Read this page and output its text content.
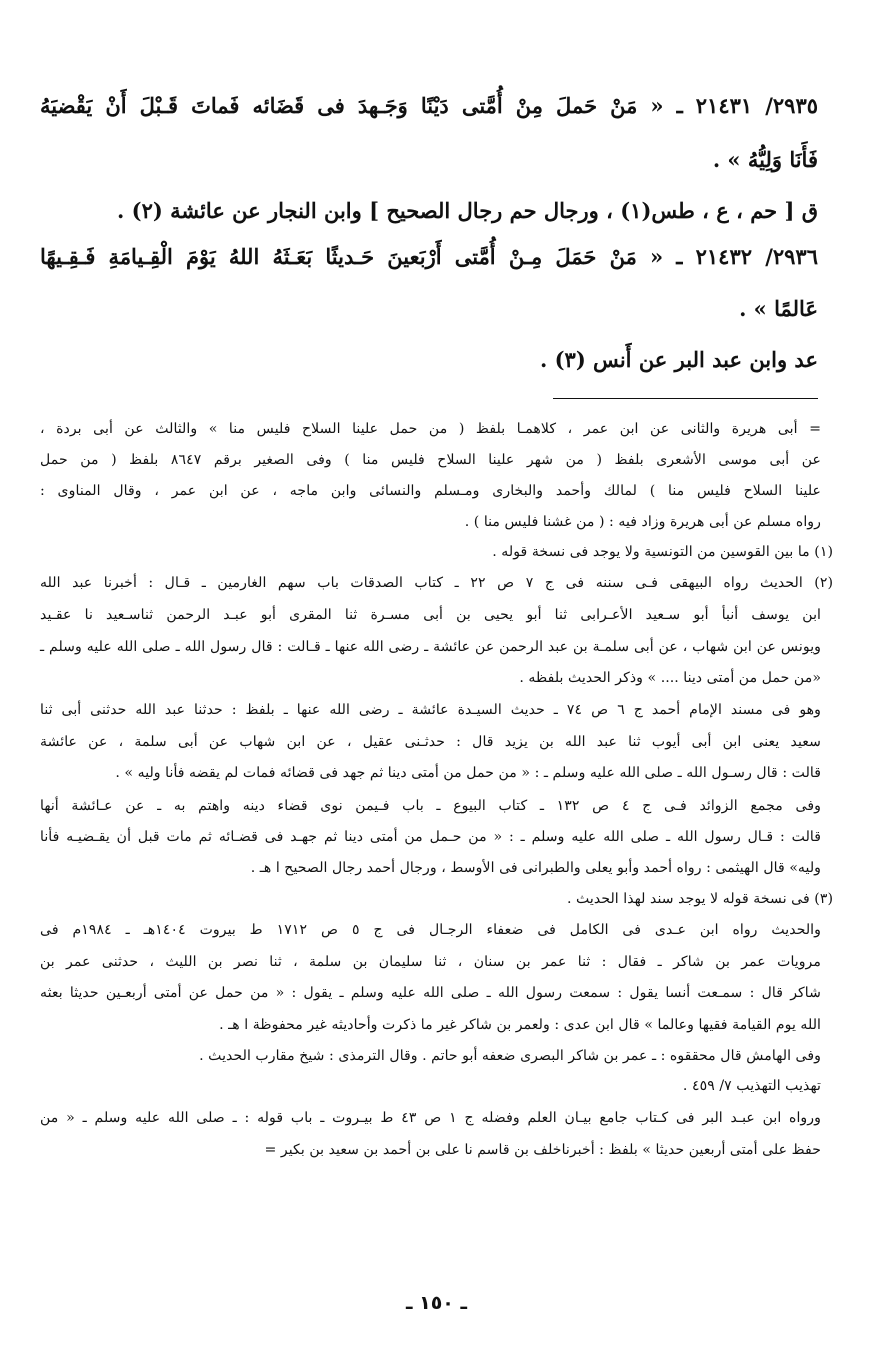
٢٩٣٥/ ٢١٤٣١ ـ « مَنْ حَملَ مِنْ أُمَّتى دَيْنًا وَجَـهدَ فى قَضَائه فَماتَ قَـبْلَ أَنْ يَقْضيَهُ
فَأَنَا وَلِيُّهُ » .
ق [ حم ، ع ، طس(١) ، ورجال حم رجال الصحيح ] وابن النجار عن عائشة (٢) .
٢٩٣٦/ ٢١٤٣٢ ـ « مَنْ حَمَلَ مِـنْ أُمَّتى أَرْبَعينَ حَـديثًا بَعَـثَهُ اللهُ يَوْمَ الْقِـيامَةِ فَـقِـيهًا
عَالمًا » .
عد وابن عبد البر عن أَنس (٣) .
= أبى هريرة والثانى عن ابن عمر ، كلاهمـا بلفظ ( من حمل علينا السلاح فليس منا » والثالث عن أبى بردة ،
عن أبى موسى الأشعرى بلفظ ( من شهر علينا السلاح فليس منا ) وفى الصغير برقم ٨٦٤٧ بلفظ ( من حمل
علينا السلاح فليس منا ) لمالك وأحمد والبخارى ومـسلم والنسائى وابن ماجه ، عن ابن عمر ، وقال المناوى :
رواه مسلم عن أبى هريرة وزاد فيه : ( من غشنا فليس منا ) .
(١) ما بين القوسين من التونسية ولا يوجد فى نسخة قوله .
(٢) الحديث رواه البيهقى فـى سننه فى ج ٧ ص ٢٢ ـ كتاب الصدقات باب سهم الغارمين ـ قـال : أخبرنا عبد الله
ابن يوسف أنبأ أبو سـعيد الأعـرابى ثنا أبو يحيى بن أبى مسـرة ثنا المقرى أبو عبـد الرحمن ثناسـعيد نا عقـيد
ويونس عن ابن شهاب ، عن أبى سلمـة بن عبد الرحمن عن عائشة ـ رضى الله عنها ـ قـالت : قال رسول الله ـ صلى الله عليه وسلم ـ
«من حمل من أمتى دينا .... » وذكر الحديث بلفظه .
وهو فى مسند الإمام أحمد ج ٦ ص ٧٤ ـ حديث السيـدة عائشة ـ رضى الله عنها ـ بلفظ : حدثنا عبد الله حدثنى أبى ثنا
سعيد يعنى ابن أبى أيوب ثنا عبد الله بن يزيد قال : حدثـنى عقيل ، عن ابن شهاب عن أبى سلمة ، عن عائشة
قالت : قال رسـول الله ـ صلى الله عليه وسلم ـ : « من حمل من أمتى دينا ثم جهد فى قضائه فمات لم يقضه فأنا وليه » .
وفى مجمع الزوائد فـى ج ٤ ص ١٣٢ ـ كتاب البيوع ـ باب فـيمن نوى قضاء دينه واهتم به ـ عن عـائشة أنها
قالت : قـال رسول الله ـ صلى الله عليه وسلم ـ : « من حـمل من أمتى دينا ثم جهـد فى قضـائه ثم مات قبل أن يقـضيـه فأنا
وليه» قال الهيثمى : رواه أحمد وأبو يعلى والطبرانى فى الأوسط ، ورجال أحمد رجال الصحيح ا هـ .
(٣) فى نسخة قوله لا يوجد سند لهذا الحديث .
والحديث رواه ابن عـدى فى الكامل فى ضعفاء الرجـال فى ج ٥ ص ١٧١٢ ط بيروت ١٤٠٤هـ ـ ١٩٨٤م فى
مرويات عمر بن شاكر ـ فقال : ثنا عمر بن سنان ، ثنا سليمان بن سلمة ، ثنا نصر بن الليث ، حدثنى عمر بن
شاكر قال : سمـعت أنسا يقول : سمعت رسول الله ـ صلى الله عليه وسلم ـ يقول : « من حمل عن أمتى أربعـين حديثا بعثه
الله يوم القيامة فقيها وعالما » قال ابن عدى : ولعمر بن شاكر غير ما ذكرت وأحاديثه غير محفوظة ا هـ .
وفى الهامش قال محققوه : ـ عمر بن شاكر البصرى ضعفه أبو حاتم . وقال الترمذى : شيخ مقارب الحديث .
تهذيب التهذيب ٧/ ٤٥٩ .
ورواه ابن عبـد البر فى كـتاب جامع بيـان العلم وفضله ج ١ ص ٤٣ ط بيـروت ـ باب قوله : ـ صلى الله عليه وسلم ـ « من
حفظ على أمتى أربعين حديثا » بلفظ : أخبرناخلف بن قاسم نا على بن أحمد بن سعيد بن بكير =
ـ ١٥٠ ـ
